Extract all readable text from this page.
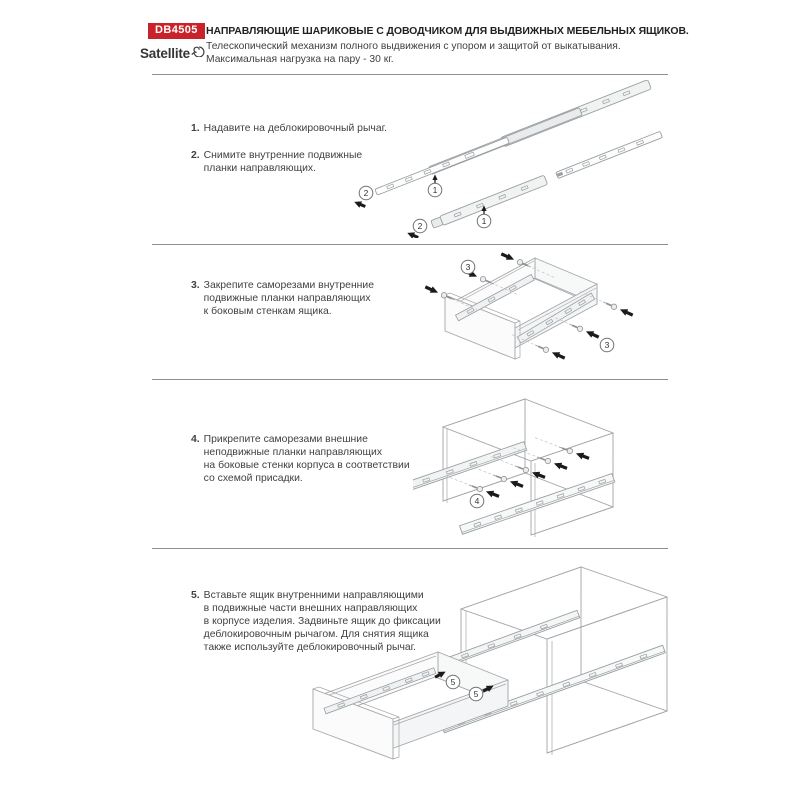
DB4505
Satellite
НАПРАВЛЯЮЩИЕ ШАРИКОВЫЕ С ДОВОДЧИКОМ ДЛЯ ВЫДВИЖНЫХ МЕБЕЛЬНЫХ ЯЩИКОВ.
Телескопический механизм полного выдвижения с упором и защитой от выкатывания.
Максимальная нагрузка на пару - 30 кг.
1. Надавите на деблокировочный рычаг.
2. Снимите внутренние подвижные
планки направляющих.
3. Закрепите саморезами внутренние
подвижные планки направляющих
к боковым стенкам ящика.
4. Прикрепите саморезами внешние
неподвижные планки направляющих
на боковые стенки корпуса в соответствии
со схемой присадки.
5. Вставьте ящик внутренними направляющими
в подвижные части внешних направляющих
в корпусе изделия. Задвиньте ящик до фиксации
деблокировочным рычагом. Для снятия ящика
также используйте деблокировочный рычаг.
1
2
1
2
3
3
4
5
5
